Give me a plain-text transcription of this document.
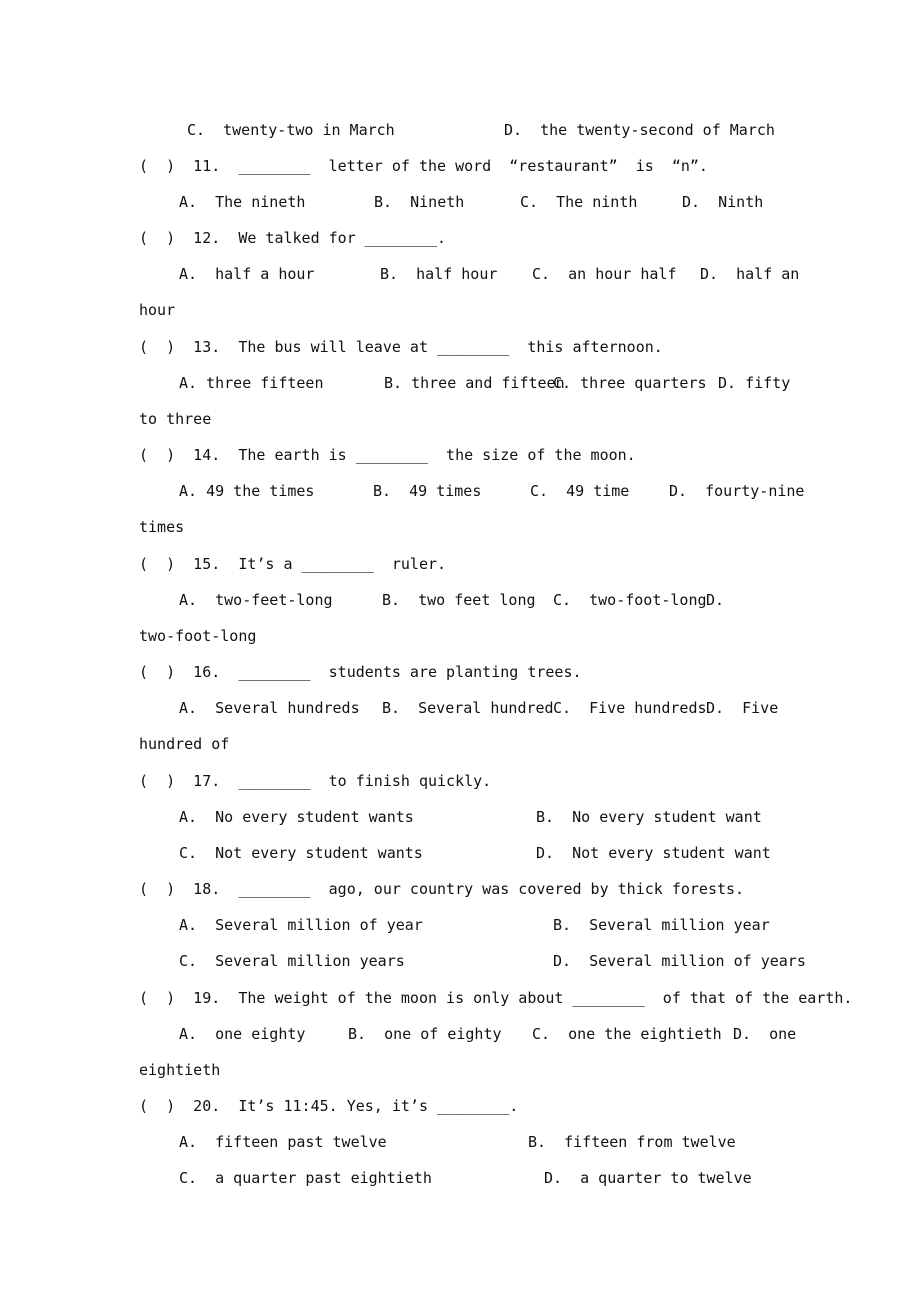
C.  twenty-two in March	D.  the twenty-second of March
(  )  11.  ________  letter of the word  “restaurant”  is  “n”.
A.  The nineth	B.  Nineth	C.  The ninth	D.  Ninth
(  )  12.  We talked for ________.
A.  half a hour	B.  half hour C.  an hour half D.  half an
hour
(  )  13.  The bus will leave at ________  this afternoon.
A. three fifteen	B. three and fifteen
C. three quarters D. fifty
to three
(  )  14.  The earth is ________  the size of the moon.
A. 49 the times	B.  49 times	C.  49 time	D.  fourty-nine
times
(  )  15.  It’s a ________  ruler.
A.  two-feet-long	B.  two feet long C.  two-foot-long D.
two-foot-long
(  )  16.  ________  students are planting trees.
A.  Several hundreds B.  Several hundred C.  Five hundreds D.  Five
hundred of
(  )  17.  ________  to finish quickly.
A.  No every student wants	B.  No every student want
C.  Not every student wants	D.  Not every student want
(  )  18.  ________  ago, our country was covered by thick forests.
A.  Several million of year	B.  Several million year
C.  Several million years	D.  Several million of years
(  )  19.  The weight of the moon is only about ________  of that of the earth.
A.  one eighty	B.  one of eighty C.  one the eightieth D.  one
eightieth
(  )  20.  It’s 11:45. Yes, it’s ________.
A.  fifteen past twelve	B.  fifteen from twelve
C.  a quarter past eightieth	D.  a quarter to twelve
